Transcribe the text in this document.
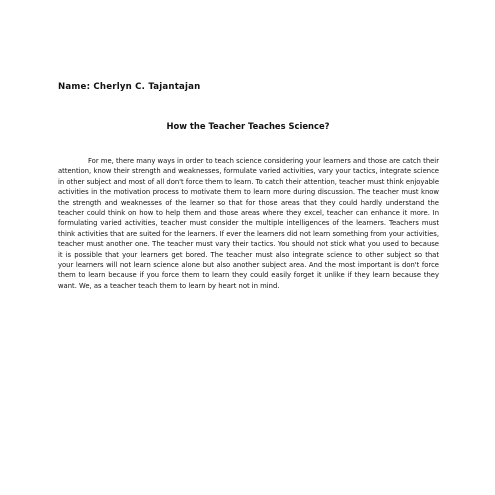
Name: Cherlyn C. Tajantajan
How the Teacher Teaches Science?

For me, there many ways in order to teach science considering your learners and those are catch their attention, know their strength and weaknesses, formulate varied activities, vary your tactics, integrate science in other subject and most of all don't force them to learn. To catch their attention, teacher must think enjoyable activities in the motivation process to motivate them to learn more during discussion. The teacher must know the strength and weaknesses of the learner so that for those areas that they could hardly understand the teacher could think on how to help them and those areas where they excel, teacher can enhance it more. In formulating varied activities, teacher must consider the multiple intelligences of the learners. Teachers must think activities that are suited for the learners. If ever the learners did not learn something from your activities, teacher must another one. The teacher must vary their tactics. You should not stick what you used to because it is possible that your learners get bored. The teacher must also integrate science to other subject so that your learners will not learn science alone but also another subject area. And the most important is don't force them to learn because if you force them to learn they could easily forget it unlike if they learn because they want. We, as a teacher teach them to learn by heart not in mind.
